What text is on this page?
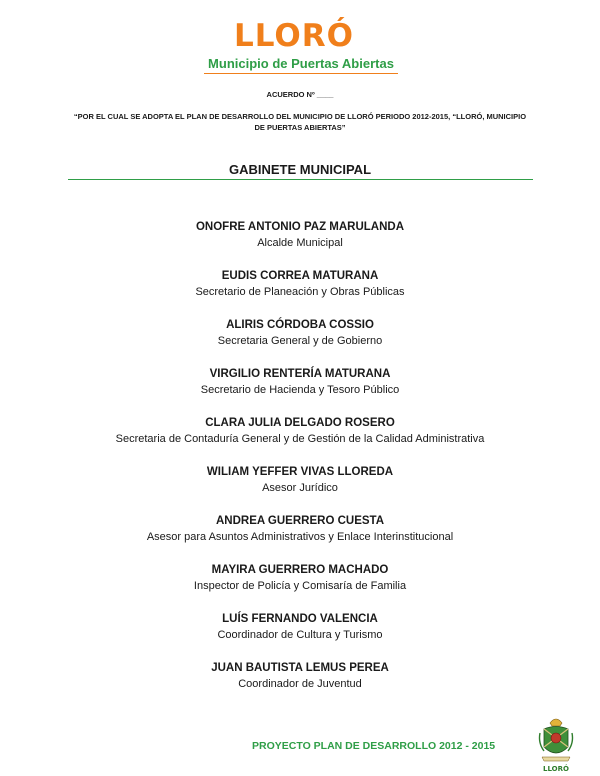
LLORÓ
Municipio de Puertas Abiertas
ACUERDO Nº ____
“POR EL CUAL SE ADOPTA EL PLAN DE DESARROLLO DEL MUNICIPIO DE LLORÓ PERIODO 2012-2015, “LLORÓ, MUNICIPIO DE PUERTAS ABIERTAS”
GABINETE MUNICIPAL
ONOFRE ANTONIO PAZ MARULANDA
Alcalde Municipal
EUDIS CORREA MATURANA
Secretario de Planeación y Obras Públicas
ALIRIS CÓRDOBA COSSIO
Secretaria General y de Gobierno
VIRGILIO RENTERÍA MATURANA
Secretario de Hacienda y Tesoro Público
CLARA JULIA DELGADO ROSERO
Secretaria de Contaduría General y de Gestión de la Calidad Administrativa
WILIAM YEFFER VIVAS LLOREDA
Asesor Jurídico
ANDREA GUERRERO CUESTA
Asesor para Asuntos Administrativos y Enlace Interinstitucional
MAYIRA GUERRERO MACHADO
Inspector de Policía y Comisaría de Familia
LUÍS FERNANDO VALENCIA
Coordinador de Cultura y Turismo
JUAN BAUTISTA LEMUS PEREA
Coordinador de Juventud
PROYECTO PLAN DE DESARROLLO 2012 - 2015
LLORÓ
